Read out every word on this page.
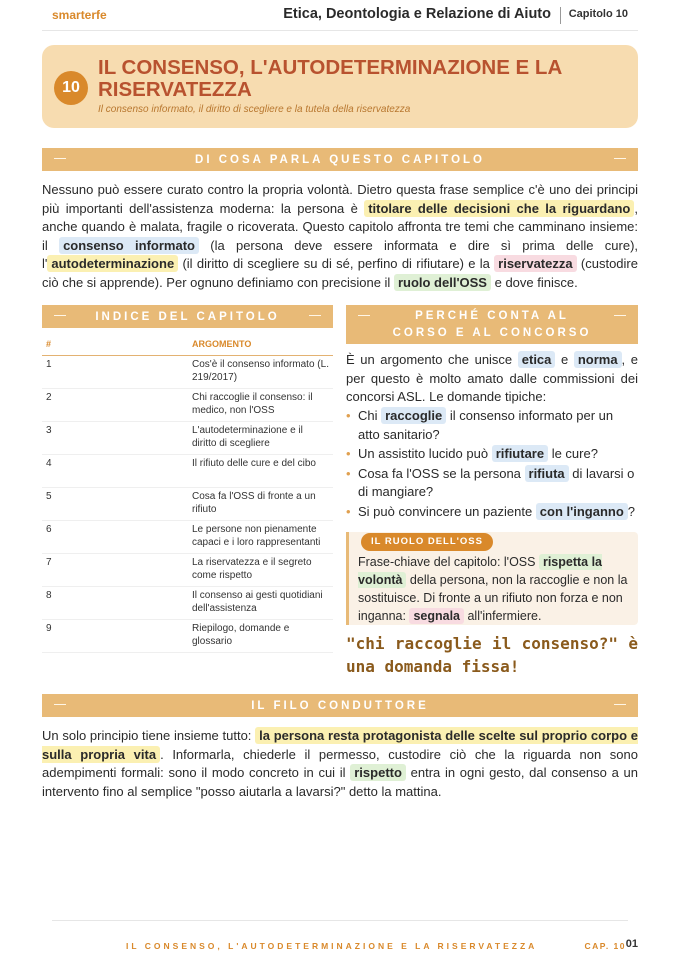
smarterfe	Etica, Deontologia e Relazione di Aiuto Capitolo 10
10
IL CONSENSO, L'AUTODETERMINAZIONE E LA RISERVATEZZA
Il consenso informato, il diritto di scegliere e la tutela della riservatezza
DI COSA PARLA QUESTO CAPITOLO

Nessuno può essere curato contro la propria volontà. Dietro questa frase semplice c'è uno dei principi più importanti dell'assistenza moderna: la persona è titolare delle decisioni che la riguardano , anche quando è malata, fragile o ricoverata. Questo capitolo affronta tre temi che camminano insieme: il consenso informato (la persona deve essere informata e dire sì prima delle cure), l' autodeterminazione (il diritto di scegliere su di sé, perfino di rifiutare) e la riservatezza (custodire ciò che si apprende). Per ognuno definiamo con precisione il ruolo dell'OSS e dove finisce.

INDICE DEL CAPITOLO
#	ARGOMENTO
1	Cos'è il consenso informato (L. 219/2017)
2	Chi raccoglie il consenso: il medico, non l'OSS
3	L'autodeterminazione e il diritto di scegliere
4	Il rifiuto delle cure e del cibo
5	Cosa fa l'OSS di fronte a un rifiuto
6	Le persone non pienamente capaci e i loro rappresentanti
7	La riservatezza e il segreto come rispetto
8	Il consenso ai gesti quotidiani dell'assistenza
9	Riepilogo, domande e glossario
PERCHÉ CONTA AL CORSO E AL CONCORSO

È un argomento che unisce etica e norma , e per questo è molto amato dalle commissioni dei concorsi ASL. Le domande tipiche:

• Chi raccoglie il consenso informato per un atto sanitario?
• Un assistito lucido può rifiutare le cure?
• Cosa fa l'OSS se la persona rifiuta di lavarsi o di mangiare?
• Si può convincere un paziente con l'inganno ?
IL RUOLO DELL'OSS

Frase-chiave del capitolo: l'OSS rispetta la volontà della persona, non la raccoglie e non la sostituisce. Di fronte a un rifiuto non forza e non inganna: segnala all'infermiere.

"chi raccoglie il consenso?" è una domanda fissa!
IL FILO CONDUTTORE

Un solo principio tiene insieme tutto: la persona resta protagonista delle scelte sul proprio corpo e sulla propria vita . Informarla, chiederle il permesso, custodire ciò che la riguarda non sono adempimenti formali: sono il modo concreto in cui il rispetto entra in ogni gesto, dal consenso a un intervento fino al semplice "posso aiutarla a lavarsi?" detto la mattina.

IL CONSENSO, L'AUTODETERMINAZIONE E LA RISERVATEZZA	CAP. 10 01
